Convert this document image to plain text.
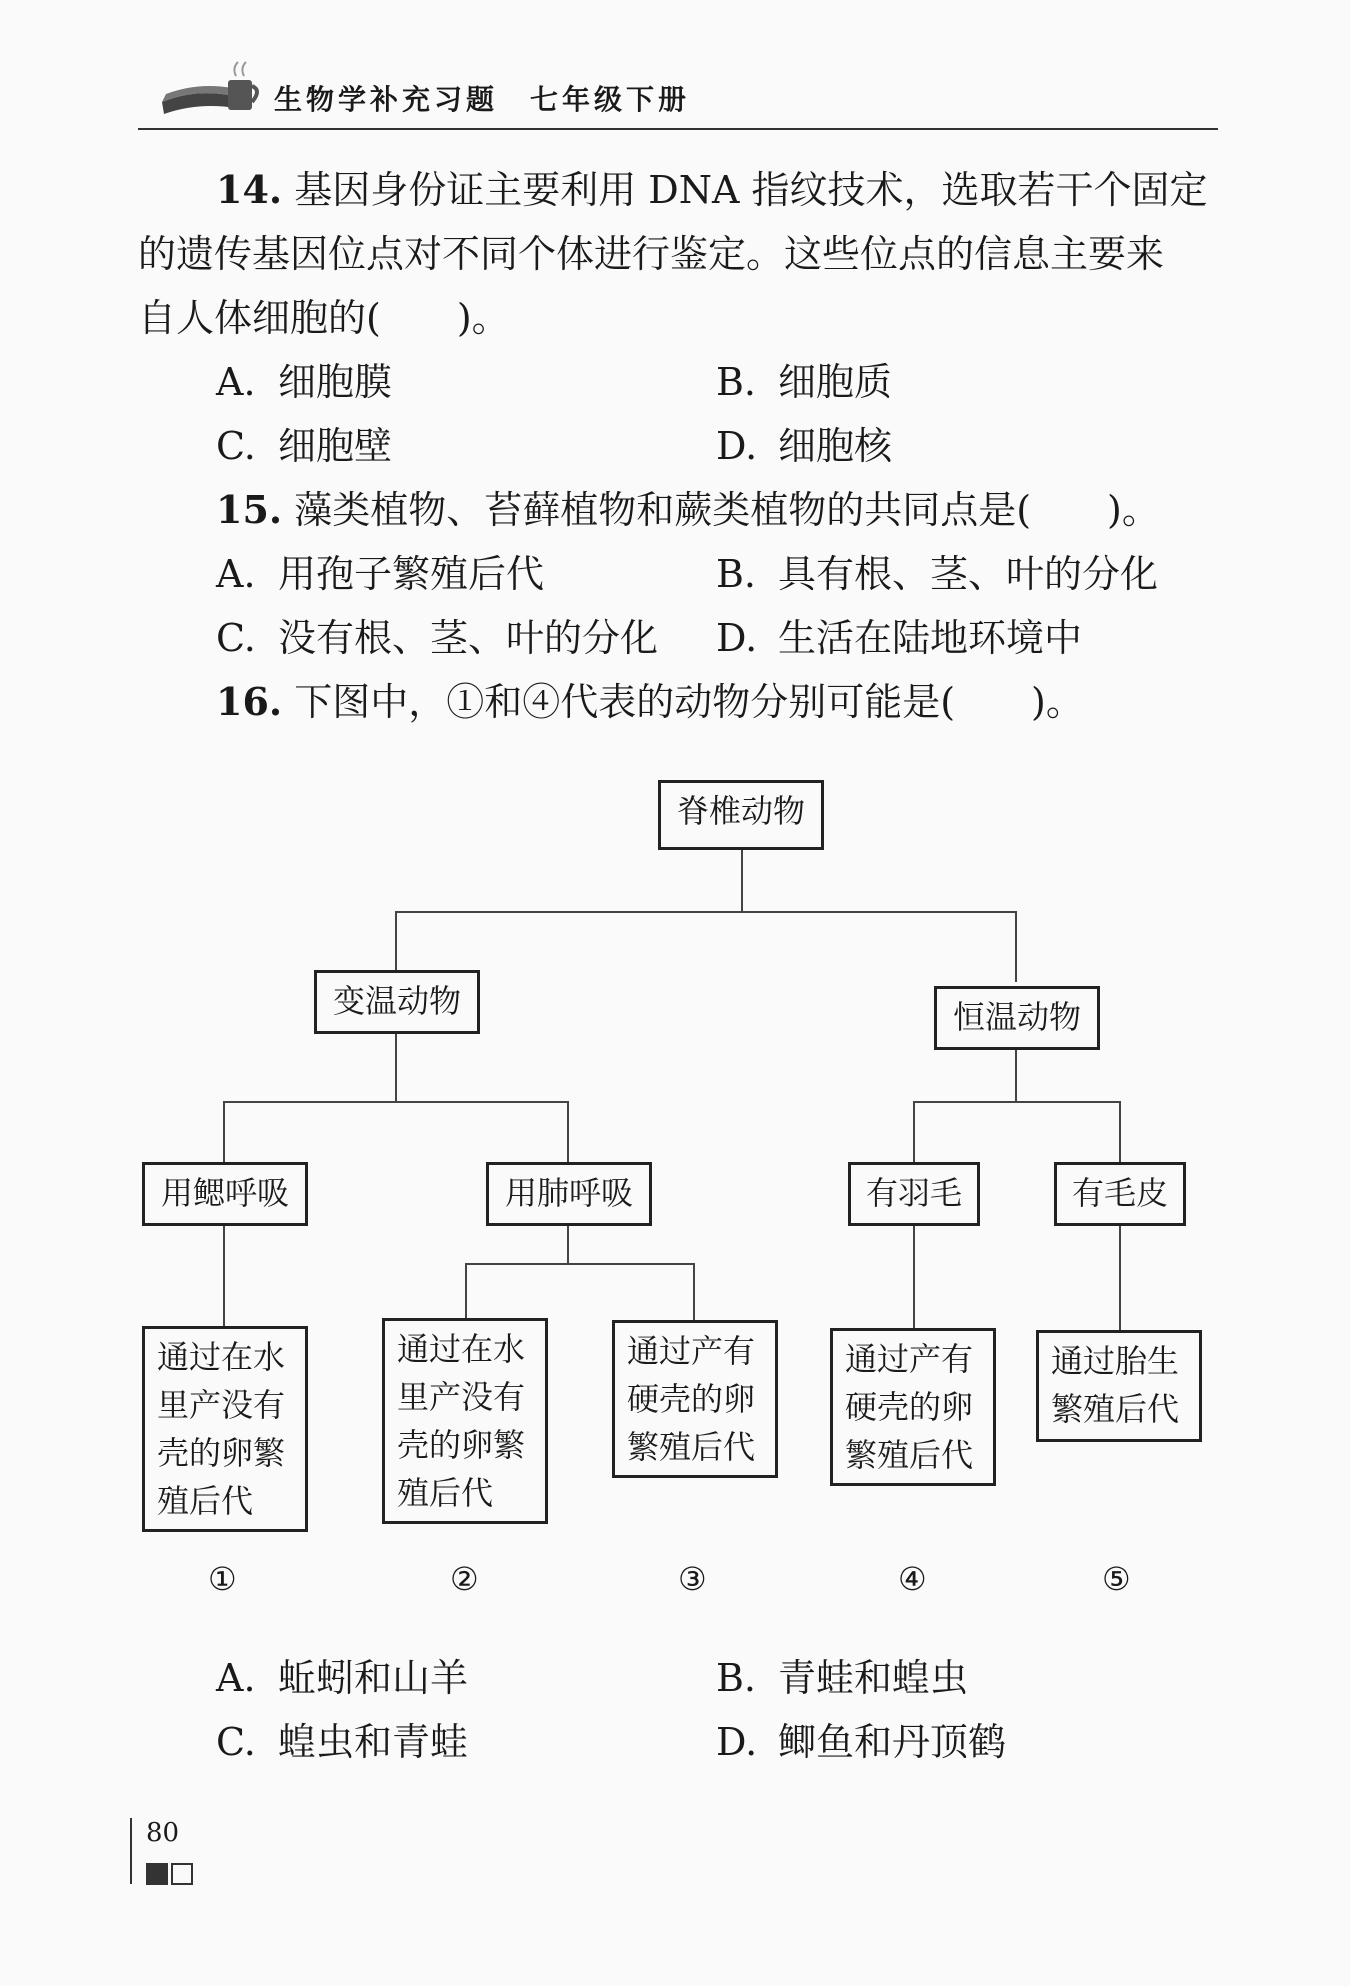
生物学补充习题　七年级下册

14. 基因身份证主要利用 DNA 指纹技术，选取若干个固定

的遗传基因位点对不同个体进行鉴定。这些位点的信息主要来

自人体细胞的(　　)。

A. 细胞膜	B. 细胞质
C. 细胞壁	D. 细胞核

15. 藻类植物、苔藓植物和蕨类植物的共同点是(　　)。

A. 用孢子繁殖后代	B. 具有根、茎、叶的分化
C. 没有根、茎、叶的分化	D. 生活在陆地环境中

16. 下图中，①和④代表的动物分别可能是(　　)。

脊椎动物
变温动物	恒温动物
用鳃呼吸	用肺呼吸	有羽毛	有毛皮
通过在水
里产没有
壳的卵繁
殖后代
通过在水
里产没有
壳的卵繁
殖后代
通过产有
硬壳的卵
繁殖后代
通过产有
硬壳的卵
繁殖后代
通过胎生
繁殖后代
①	②	③	④	⑤
A. 蚯蚓和山羊	B. 青蛙和蝗虫
C. 蝗虫和青蛙	D. 鲫鱼和丹顶鹤
80
